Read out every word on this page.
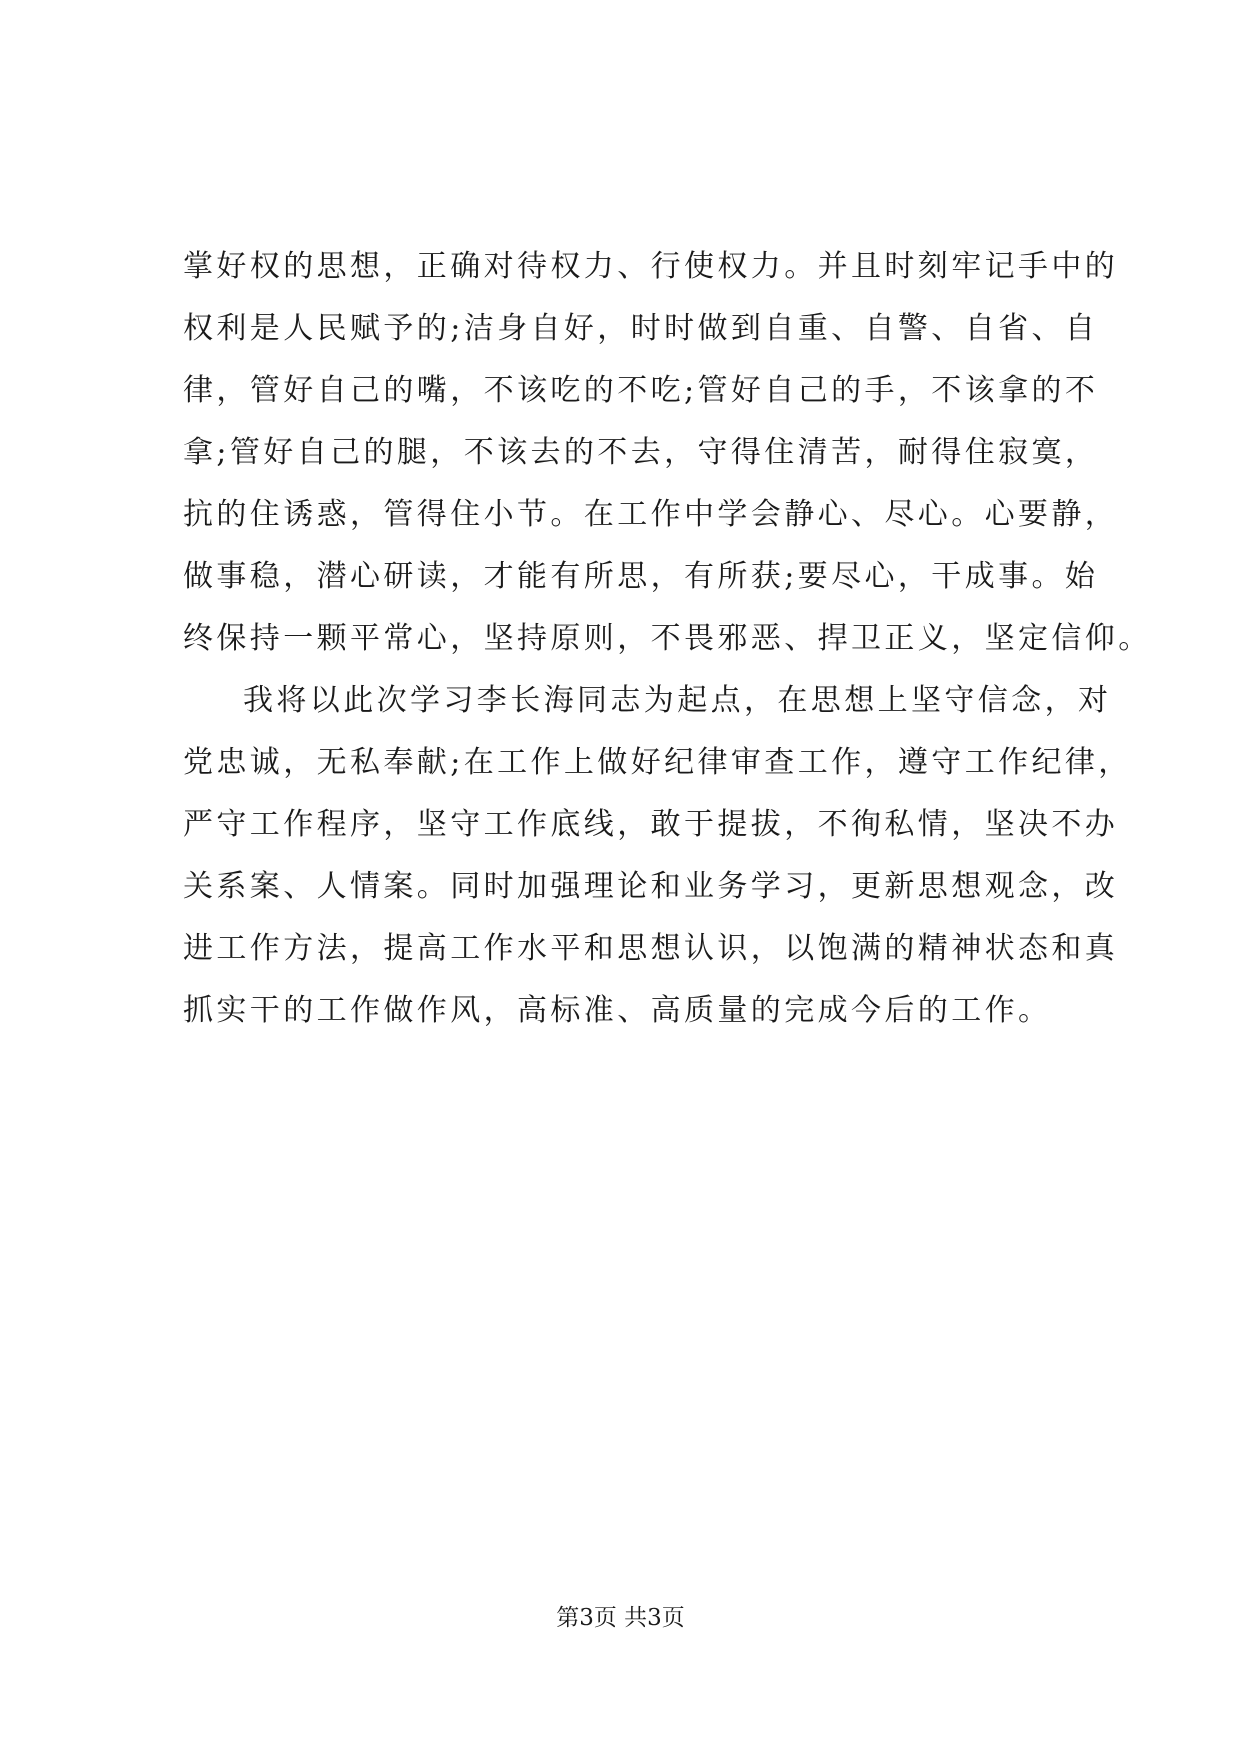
掌好权的思想，正确对待权力、行使权力。并且时刻牢记手中的
权利是人民赋予的;洁身自好，时时做到自重、自警、自省、自
律，管好自己的嘴，不该吃的不吃;管好自己的手，不该拿的不
拿;管好自己的腿，不该去的不去，守得住清苦，耐得住寂寞，
抗的住诱惑，管得住小节。在工作中学会静心、尽心。心要静，
做事稳，潜心研读，才能有所思，有所获;要尽心，干成事。始
终保持一颗平常心，坚持原则，不畏邪恶、捍卫正义，坚定信仰。
我将以此次学习李长海同志为起点，在思想上坚守信念，对
党忠诚，无私奉献;在工作上做好纪律审查工作，遵守工作纪律，
严守工作程序，坚守工作底线，敢于提拔，不徇私情，坚决不办
关系案、人情案。同时加强理论和业务学习，更新思想观念，改
进工作方法，提高工作水平和思想认识，以饱满的精神状态和真
抓实干的工作做作风，高标准、高质量的完成今后的工作。
第3页 共3页
